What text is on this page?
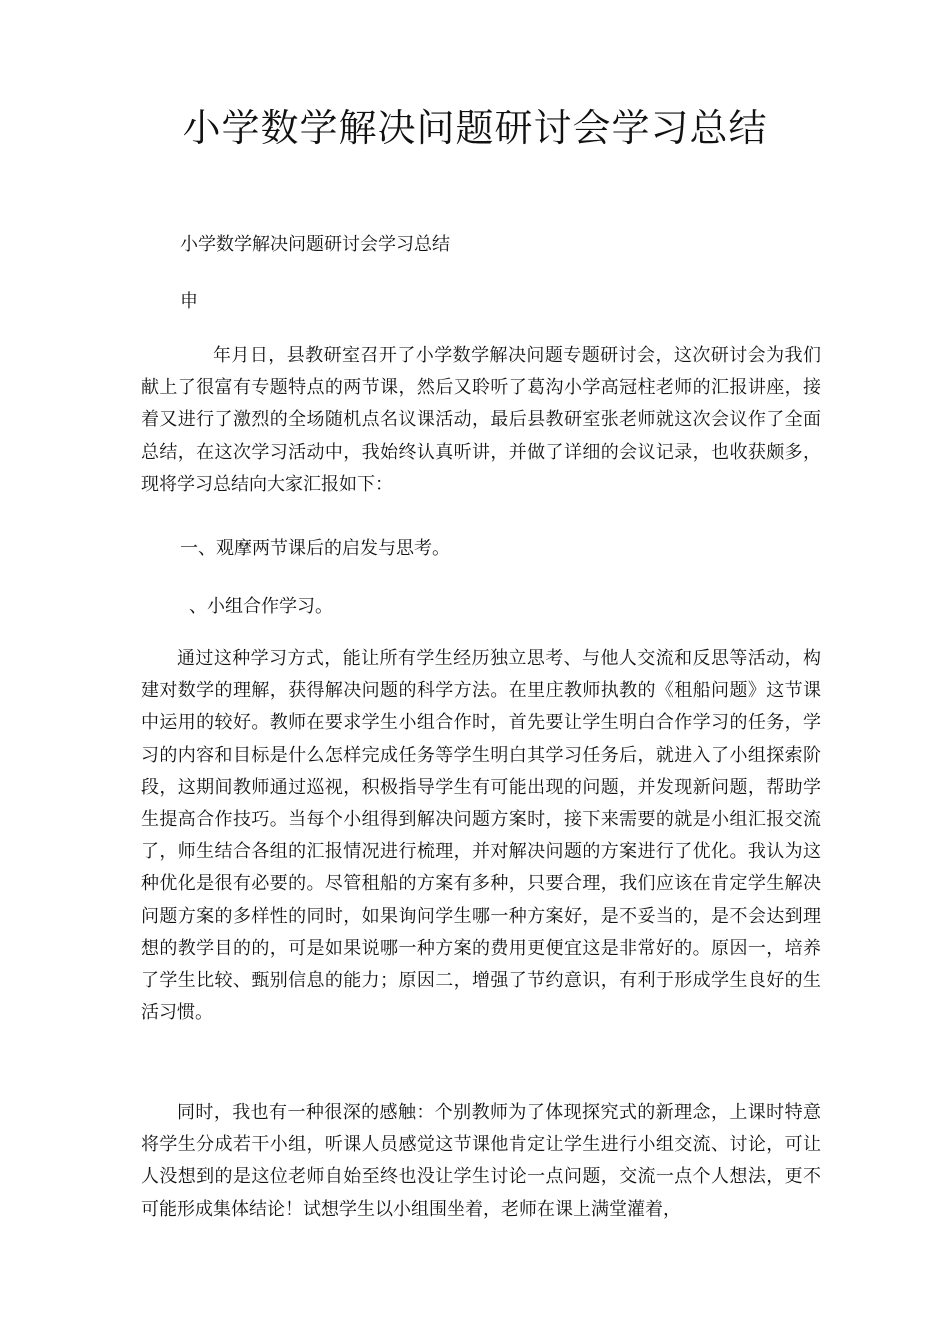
小学数学解决问题研讨会学习总结

小学数学解决问题研讨会学习总结

申

年月日，县教研室召开了小学数学解决问题专题研讨会，这次研讨会为我们献上了很富有专题特点的两节课，然后又聆听了葛沟小学高冠柱老师的汇报讲座，接着又进行了激烈的全场随机点名议课活动，最后县教研室张老师就这次会议作了全面总结，在这次学习活动中，我始终认真听讲，并做了详细的会议记录，也收获颇多，现将学习总结向大家汇报如下：

一、观摩两节课后的启发与思考。

、小组合作学习。

通过这种学习方式，能让所有学生经历独立思考、与他人交流和反思等活动，构建对数学的理解，获得解决问题的科学方法。在里庄教师执教的《租船问题》这节课中运用的较好。教师在要求学生小组合作时，首先要让学生明白合作学习的任务，学习的内容和目标是什么怎样完成任务等学生明白其学习任务后，就进入了小组探索阶段，这期间教师通过巡视，积极指导学生有可能出现的问题，并发现新问题，帮助学生提高合作技巧。当每个小组得到解决问题方案时，接下来需要的就是小组汇报交流了，师生结合各组的汇报情况进行梳理，并对解决问题的方案进行了优化。我认为这种优化是很有必要的。尽管租船的方案有多种，只要合理，我们应该在肯定学生解决问题方案的多样性的同时，如果询问学生哪一种方案好，是不妥当的，是不会达到理想的教学目的的，可是如果说哪一种方案的费用更便宜这是非常好的。原因一，培养了学生比较、甄别信息的能力；原因二，增强了节约意识，有利于形成学生良好的生活习惯。

同时，我也有一种很深的感触：个别教师为了体现探究式的新理念，上课时特意将学生分成若干小组，听课人员感觉这节课他肯定让学生进行小组交流、讨论，可让人没想到的是这位老师自始至终也没让学生讨论一点问题，交流一点个人想法，更不可能形成集体结论！试想学生以小组围坐着，老师在课上满堂灌着，
